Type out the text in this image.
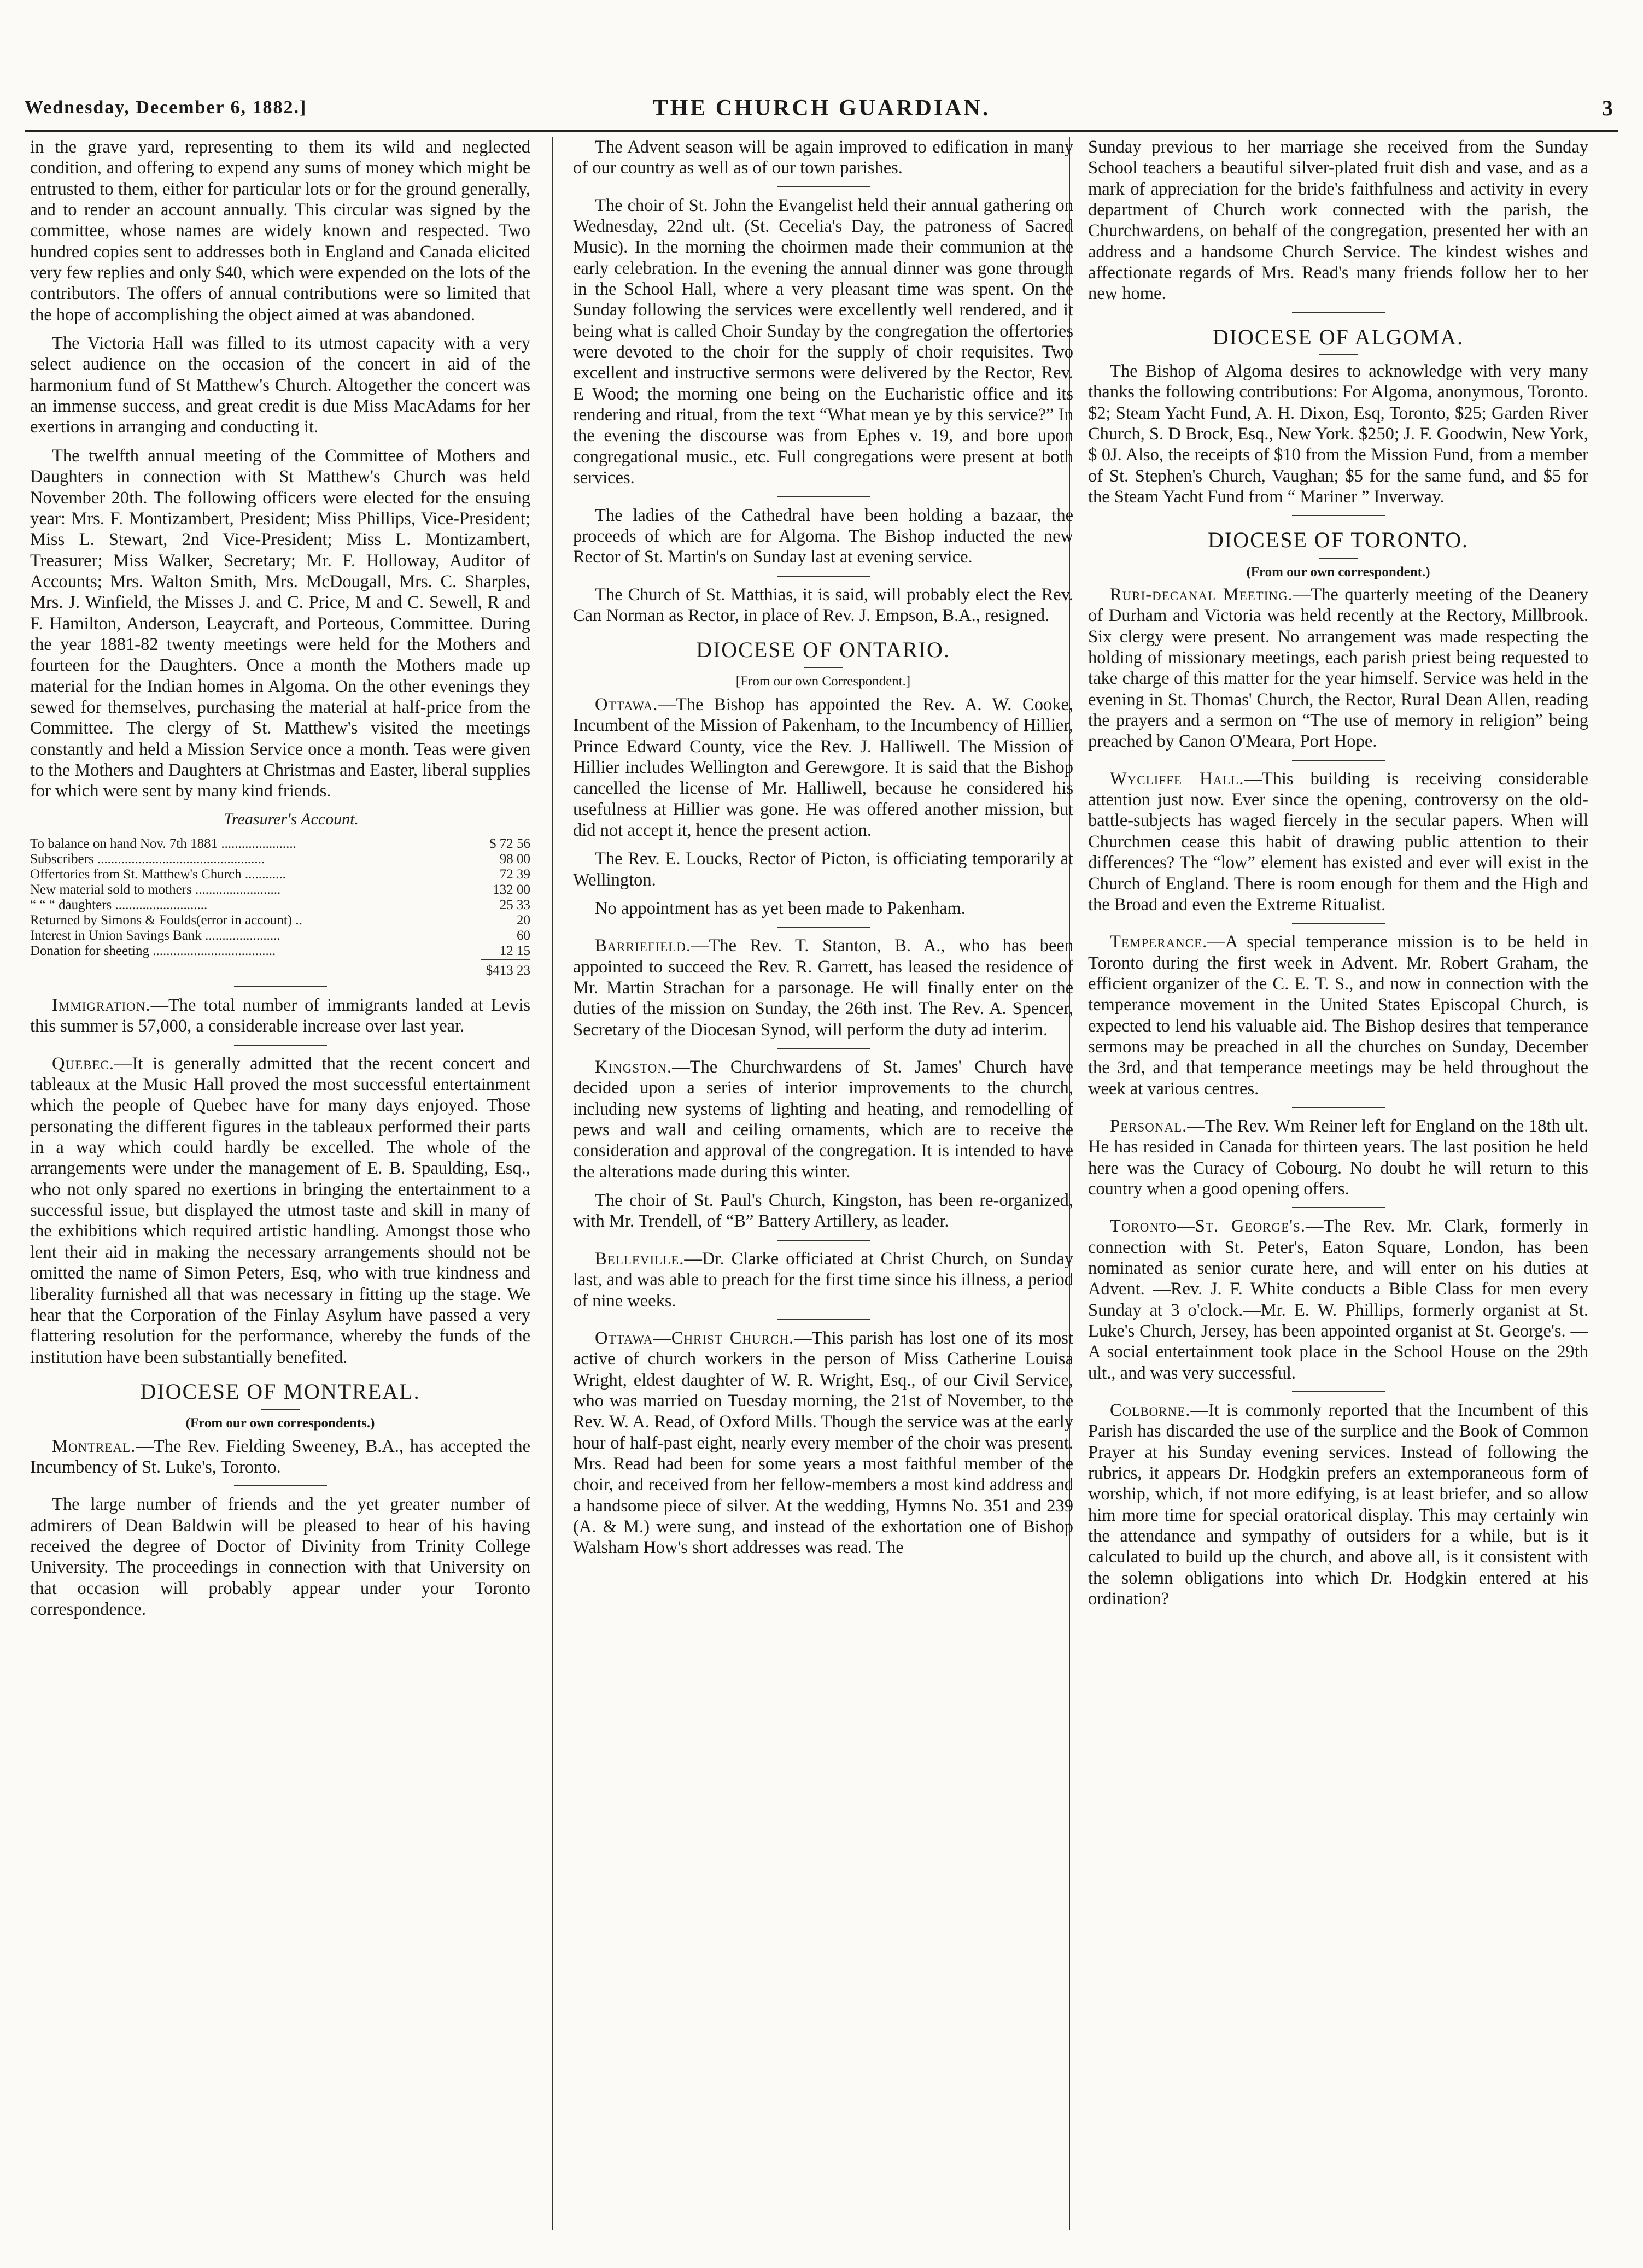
Wednesday, December 6, 1882.]	THE CHURCH GUARDIAN.	3

in the grave yard, representing to them its wild and neglected condition, and offering to expend any sums of money which might be entrusted to them, either for particular lots or for the ground generally, and to render an account annually. This circular was signed by the committee, whose names are widely known and respected. Two hundred copies sent to addresses both in England and Canada elicited very few replies and only $40, which were expended on the lots of the contributors. The offers of annual contributions were so limited that the hope of accomplishing the object aimed at was abandoned.

The Victoria Hall was filled to its utmost capacity with a very select audience on the occasion of the concert in aid of the harmonium fund of St Matthew's Church. Altogether the concert was an immense success, and great credit is due Miss MacAdams for her exertions in arranging and conducting it.

The twelfth annual meeting of the Committee of Mothers and Daughters in connection with St Matthew's Church was held November 20th. The following officers were elected for the ensuing year: Mrs. F. Montizambert, President; Miss Phillips, Vice-President; Miss L. Stewart, 2nd Vice-President; Miss L. Montizambert, Treasurer; Miss Walker, Secretary; Mr. F. Holloway, Auditor of Accounts; Mrs. Walton Smith, Mrs. McDougall, Mrs. C. Sharples, Mrs. J. Winfield, the Misses J. and C. Price, M and C. Sewell, R and F. Hamilton, Anderson, Leaycraft, and Porteous, Committee. During the year 1881-82 twenty meetings were held for the Mothers and fourteen for the Daughters. Once a month the Mothers made up material for the Indian homes in Algoma. On the other evenings they sewed for themselves, purchasing the material at half-price from the Committee. The clergy of St. Matthew's visited the meetings constantly and held a Mission Service once a month. Teas were given to the Mothers and Daughters at Christmas and Easter, liberal supplies for which were sent by many kind friends.

Treasurer's Account.

To balance on hand Nov. 7th 1881 ......................	$ 72 56
Subscribers .................................................	98 00
Offertories from St. Matthew's Church ............	72 39
New material sold to mothers .........................	132 00
“ “ “ daughters ...........................	25 33
Returned by Simons & Foulds(error in account) ..	20
Interest in Union Savings Bank ......................	60
Donation for sheeting ....................................	12 15
	$413 23

Immigration.—The total number of immigrants landed at Levis this summer is 57,000, a considerable increase over last year.

Quebec.—It is generally admitted that the recent concert and tableaux at the Music Hall proved the most successful entertainment which the people of Quebec have for many days enjoyed. Those personating the different figures in the tableaux performed their parts in a way which could hardly be excelled. The whole of the arrangements were under the management of E. B. Spaulding, Esq., who not only spared no exertions in bringing the entertainment to a successful issue, but displayed the utmost taste and skill in many of the exhibitions which required artistic handling. Amongst those who lent their aid in making the necessary arrangements should not be omitted the name of Simon Peters, Esq, who with true kindness and liberality furnished all that was necessary in fitting up the stage. We hear that the Corporation of the Finlay Asylum have passed a very flattering resolution for the performance, whereby the funds of the institution have been substantially benefited.

DIOCESE OF MONTREAL.
(From our own correspondents.)

Montreal.—The Rev. Fielding Sweeney, B.A., has accepted the Incumbency of St. Luke's, Toronto.

The large number of friends and the yet greater number of admirers of Dean Baldwin will be pleased to hear of his having received the degree of Doctor of Divinity from Trinity College University. The proceedings in connection with that University on that occasion will probably appear under your Toronto correspondence.

The Advent season will be again improved to edification in many of our country as well as of our town parishes.

The choir of St. John the Evangelist held their annual gathering on Wednesday, 22nd ult. (St. Cecelia's Day, the patroness of Sacred Music). In the morning the choirmen made their communion at the early celebration. In the evening the annual dinner was gone through in the School Hall, where a very pleasant time was spent. On the Sunday following the services were excellently well rendered, and it being what is called Choir Sunday by the congregation the offertories were devoted to the choir for the supply of choir requisites. Two excellent and instructive sermons were delivered by the Rector, Rev. E Wood; the morning one being on the Eucharistic office and its rendering and ritual, from the text “What mean ye by this service?” In the evening the discourse was from Ephes v. 19, and bore upon congregational music., etc. Full congregations were present at both services.

The ladies of the Cathedral have been holding a bazaar, the proceeds of which are for Algoma. The Bishop inducted the new Rector of St. Martin's on Sunday last at evening service.

The Church of St. Matthias, it is said, will probably elect the Rev. Can Norman as Rector, in place of Rev. J. Empson, B.A., resigned.

DIOCESE OF ONTARIO.
[From our own Correspondent.]

Ottawa.—The Bishop has appointed the Rev. A. W. Cooke, Incumbent of the Mission of Pakenham, to the Incumbency of Hillier, Prince Edward County, vice the Rev. J. Halliwell. The Mission of Hillier includes Wellington and Gerewgore. It is said that the Bishop cancelled the license of Mr. Halliwell, because he considered his usefulness at Hillier was gone. He was offered another mission, but did not accept it, hence the present action.

The Rev. E. Loucks, Rector of Picton, is officiating temporarily at Wellington.

No appointment has as yet been made to Pakenham.

Barriefield.—The Rev. T. Stanton, B. A., who has been appointed to succeed the Rev. R. Garrett, has leased the residence of Mr. Martin Strachan for a parsonage. He will finally enter on the duties of the mission on Sunday, the 26th inst. The Rev. A. Spencer, Secretary of the Diocesan Synod, will perform the duty ad interim.

Kingston.—The Churchwardens of St. James' Church have decided upon a series of interior improvements to the church, including new systems of lighting and heating, and remodelling of pews and wall and ceiling ornaments, which are to receive the consideration and approval of the congregation. It is intended to have the alterations made during this winter.

The choir of St. Paul's Church, Kingston, has been re-organized, with Mr. Trendell, of “B” Battery Artillery, as leader.

Belleville.—Dr. Clarke officiated at Christ Church, on Sunday last, and was able to preach for the first time since his illness, a period of nine weeks.

Ottawa—Christ Church.—This parish has lost one of its most active of church workers in the person of Miss Catherine Louisa Wright, eldest daughter of W. R. Wright, Esq., of our Civil Service, who was married on Tuesday morning, the 21st of November, to the Rev. W. A. Read, of Oxford Mills. Though the service was at the early hour of half-past eight, nearly every member of the choir was present. Mrs. Read had been for some years a most faithful member of the choir, and received from her fellow-members a most kind address and a handsome piece of silver. At the wedding, Hymns No. 351 and 239 (A. & M.) were sung, and instead of the exhortation one of Bishop Walsham How's short addresses was read. The

Sunday previous to her marriage she received from the Sunday School teachers a beautiful silver-plated fruit dish and vase, and as a mark of appreciation for the bride's faithfulness and activity in every department of Church work connected with the parish, the Churchwardens, on behalf of the congregation, presented her with an address and a handsome Church Service. The kindest wishes and affectionate regards of Mrs. Read's many friends follow her to her new home.

DIOCESE OF ALGOMA.

The Bishop of Algoma desires to acknowledge with very many thanks the following contributions: For Algoma, anonymous, Toronto. $2; Steam Yacht Fund, A. H. Dixon, Esq, Toronto, $25; Garden River Church, S. D Brock, Esq., New York. $250; J. F. Goodwin, New York, $ 0J. Also, the receipts of $10 from the Mission Fund, from a member of St. Stephen's Church, Vaughan; $5 for the same fund, and $5 for the Steam Yacht Fund from “ Mariner ” Inverway.

DIOCESE OF TORONTO.
(From our own correspondent.)

Ruri-decanal Meeting.—The quarterly meeting of the Deanery of Durham and Victoria was held recently at the Rectory, Millbrook. Six clergy were present. No arrangement was made respecting the holding of missionary meetings, each parish priest being requested to take charge of this matter for the year himself. Service was held in the evening in St. Thomas' Church, the Rector, Rural Dean Allen, reading the prayers and a sermon on “The use of memory in religion” being preached by Canon O'Meara, Port Hope.

Wycliffe Hall.—This building is receiving considerable attention just now. Ever since the opening, controversy on the old-battle-subjects has waged fiercely in the secular papers. When will Churchmen cease this habit of drawing public attention to their differences? The “low” element has existed and ever will exist in the Church of England. There is room enough for them and the High and the Broad and even the Extreme Ritualist.

Temperance.—A special temperance mission is to be held in Toronto during the first week in Advent. Mr. Robert Graham, the efficient organizer of the C. E. T. S., and now in connection with the temperance movement in the United States Episcopal Church, is expected to lend his valuable aid. The Bishop desires that temperance sermons may be preached in all the churches on Sunday, December the 3rd, and that temperance meetings may be held throughout the week at various centres.

Personal.—The Rev. Wm Reiner left for England on the 18th ult. He has resided in Canada for thirteen years. The last position he held here was the Curacy of Cobourg. No doubt he will return to this country when a good opening offers.

Toronto—St. George's.—The Rev. Mr. Clark, formerly in connection with St. Peter's, Eaton Square, London, has been nominated as senior curate here, and will enter on his duties at Advent. —Rev. J. F. White conducts a Bible Class for men every Sunday at 3 o'clock.—Mr. E. W. Phillips, formerly organist at St. Luke's Church, Jersey, has been appointed organist at St. George's. —A social entertainment took place in the School House on the 29th ult., and was very successful.

Colborne.—It is commonly reported that the Incumbent of this Parish has discarded the use of the surplice and the Book of Common Prayer at his Sunday evening services. Instead of following the rubrics, it appears Dr. Hodgkin prefers an extemporaneous form of worship, which, if not more edifying, is at least briefer, and so allow him more time for special oratorical display. This may certainly win the attendance and sympathy of outsiders for a while, but is it calculated to build up the church, and above all, is it consistent with the solemn obligations into which Dr. Hodgkin entered at his ordination?
